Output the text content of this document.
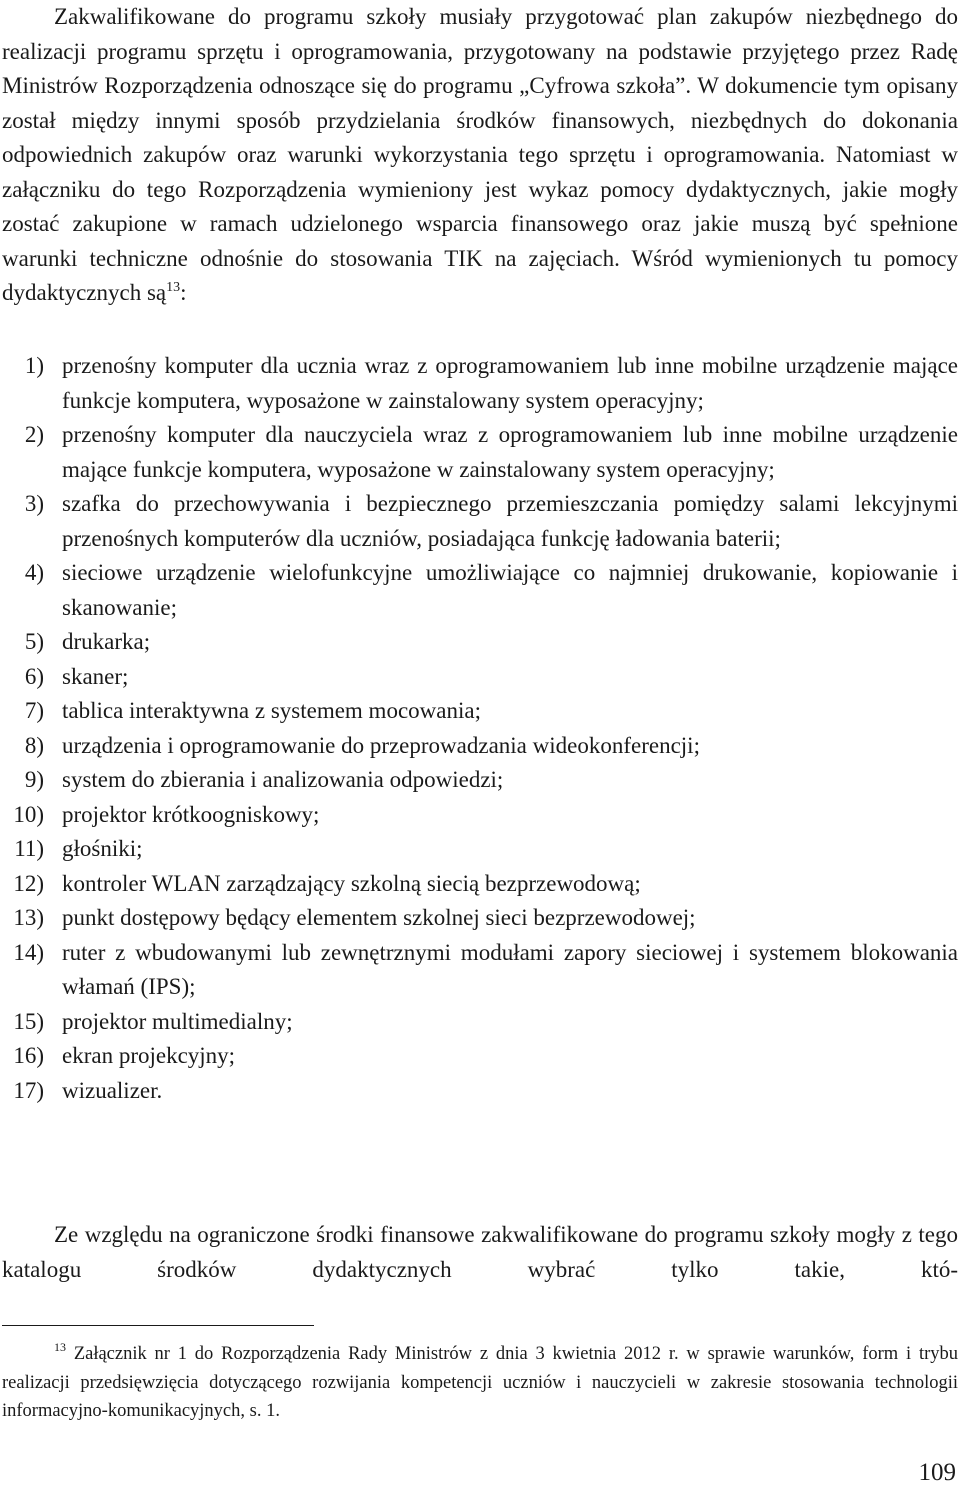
Zakwalifikowane do programu szkoły musiały przygotować plan zakupów niezbędnego do realizacji programu sprzętu i oprogramowania, przygotowany na podstawie przyjętego przez Radę Ministrów Rozporządzenia odnoszące się do programu „Cyfrowa szkoła”. W dokumencie tym opisany został między innymi sposób przydzielania środków finansowych, niezbędnych do dokonania odpowiednich zakupów oraz warunki wykorzystania tego sprzętu i oprogramowania. Natomiast w załączniku do tego Rozporządzenia wymieniony jest wykaz pomocy dydaktycznych, jakie mogły zostać zakupione w ramach udzielonego wsparcia finansowego oraz jakie muszą być spełnione warunki techniczne odnośnie do stosowania TIK na zajęciach. Wśród wymienionych tu pomocy dydaktycznych $są^{13}$:

1) przenośny komputer dla ucznia wraz z oprogramowaniem lub inne mobilne urządzenie mające funkcje komputera, wyposażone w zainstalowany system operacyjny;
2) przenośny komputer dla nauczyciela wraz z oprogramowaniem lub inne mobilne urządzenie mające funkcje komputera, wyposażone w zainstalowany system operacyjny;
3) szafka do przechowywania i bezpiecznego przemieszczania pomiędzy salami lekcyjnymi przenośnych komputerów dla uczniów, posiadająca funkcję ładowania baterii;
4) sieciowe urządzenie wielofunkcyjne umożliwiające co najmniej drukowanie, kopiowanie i skanowanie;
5) drukarka;
6) skaner;
7) tablica interaktywna z systemem mocowania;
8) urządzenia i oprogramowanie do przeprowadzania wideokonferencji;
9) system do zbierania i analizowania odpowiedzi;
10) projektor krótkoogniskowy;
11) głośniki;
12) kontroler WLAN zarządzający szkolną siecią bezprzewodową;
13) punkt dostępowy będący elementem szkolnej sieci bezprzewodowej;
14) ruter z wbudowanymi lub zewnętrznymi modułami zapory sieciowej i systemem blokowania włamań (IPS);
15) projektor multimedialny;
16) ekran projekcyjny;
17) wizualizer.

Ze względu na ograniczone środki finansowe zakwalifikowane do programu szkoły mogły z tego katalogu środków dydaktycznych wybrać tylko takie, któ-

$^{13}$ Załącznik nr 1 do Rozporządzenia Rady Ministrów z dnia 3 kwietnia 2012 r. w sprawie warunków, form i trybu realizacji przedsięwzięcia dotyczącego rozwijania kompetencji uczniów i nauczycieli w zakresie stosowania technologii informacyjno-komunikacyjnych, s. 1.

109
